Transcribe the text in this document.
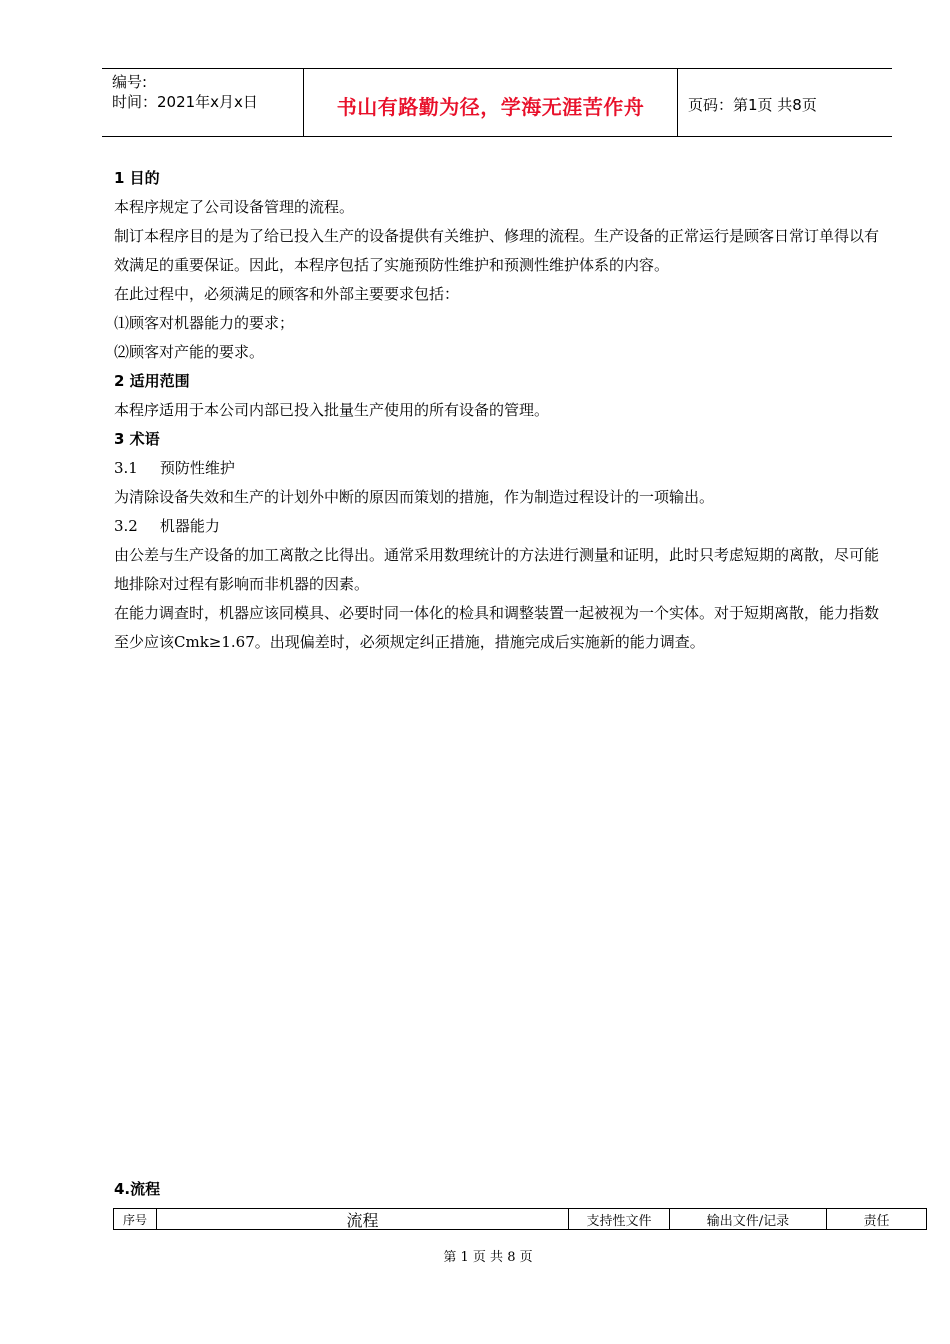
编号:
时间：2021年x月x日	书山有路勤为径，学海无涯苦作舟	页码：第1页 共8页

1 目的

本程序规定了公司设备管理的流程。

制订本程序目的是为了给已投入生产的设备提供有关维护、修理的流程。生产设备的正常运行是顾客日常订单得以有效满足的重要保证。因此，本程序包括了实施预防性维护和预测性维护体系的内容。

在此过程中，必须满足的顾客和外部主要要求包括：

⑴顾客对机器能力的要求；

⑵顾客对产能的要求。

2 适用范围

本程序适用于本公司内部已投入批量生产使用的所有设备的管理。

3 术语

3.1 预防性维护

为清除设备失效和生产的计划外中断的原因而策划的措施，作为制造过程设计的一项输出。

3.2 机器能力

由公差与生产设备的加工离散之比得出。通常采用数理统计的方法进行测量和证明，此时只考虑短期的离散，尽可能地排除对过程有影响而非机器的因素。

在能力调查时，机器应该同模具、必要时同一体化的检具和调整装置一起被视为一个实体。对于短期离散，能力指数至少应该Cmk≥1.67。出现偏差时，必须规定纠正措施，措施完成后实施新的能力调查。

4.流程
序号	流程	支持性文件	输出文件/记录	责任
第 1 页 共 8 页
